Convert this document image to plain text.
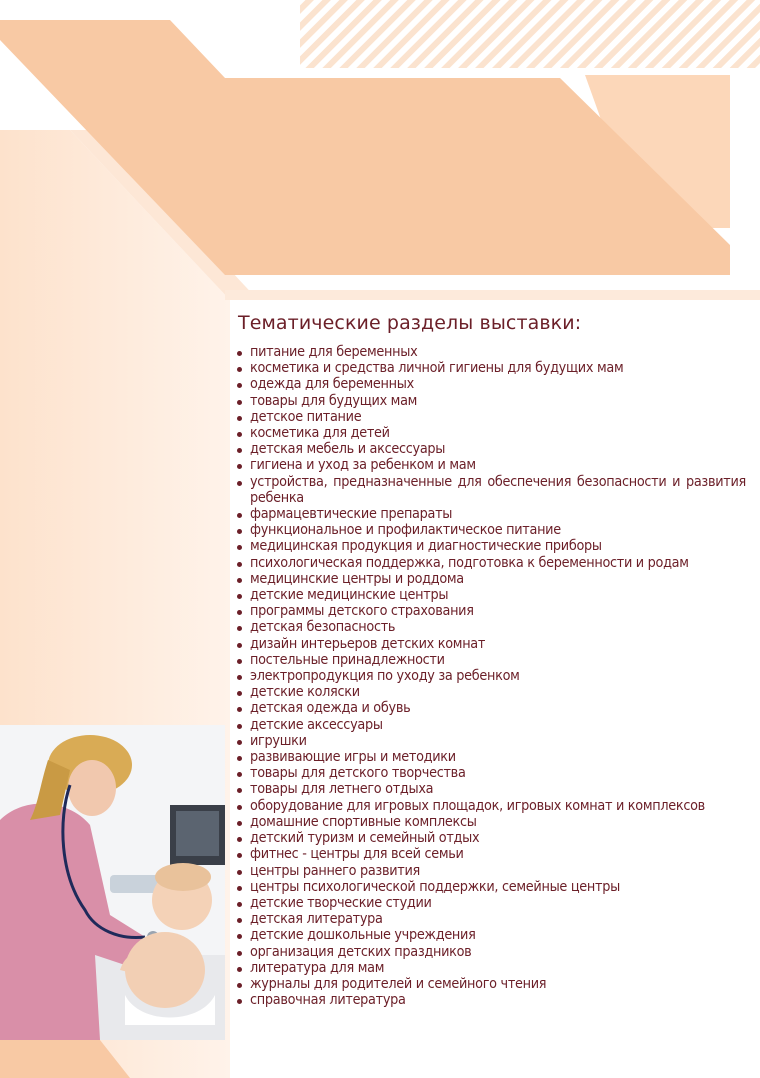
Тематические разделы выставки:
питание для беременных
косметика и средства личной гигиены для будущих мам
одежда для беременных
товары для будущих мам
детское питание
косметика для детей
детская мебель и аксессуары
гигиена и уход за ребенком и мам
устройства, предназначенные для обеспечения безопасности и развития ребенка
фармацевтические препараты
функциональное и профилактическое питание
медицинская продукция и диагностические приборы
психологическая поддержка, подготовка к беременности и родам
медицинские центры и роддома
детские медицинские центры
программы детского страхования
детская безопасность
дизайн интерьеров детских комнат
постельные принадлежности
электропродукция по уходу за ребенком
детские коляски
детская одежда и обувь
детские аксессуары
игрушки
развивающие игры и методики
товары для детского творчества
товары для летнего отдыха
оборудование для игровых площадок, игровых комнат и комплексов
домашние спортивные комплексы
детский туризм и семейный отдых
фитнес - центры для всей семьи
центры раннего развития
центры психологической поддержки, семейные центры
детские творческие студии
детская литература
детские дошкольные учреждения
организация детских праздников
литература для мам
журналы для родителей и семейного чтения
справочная литература
